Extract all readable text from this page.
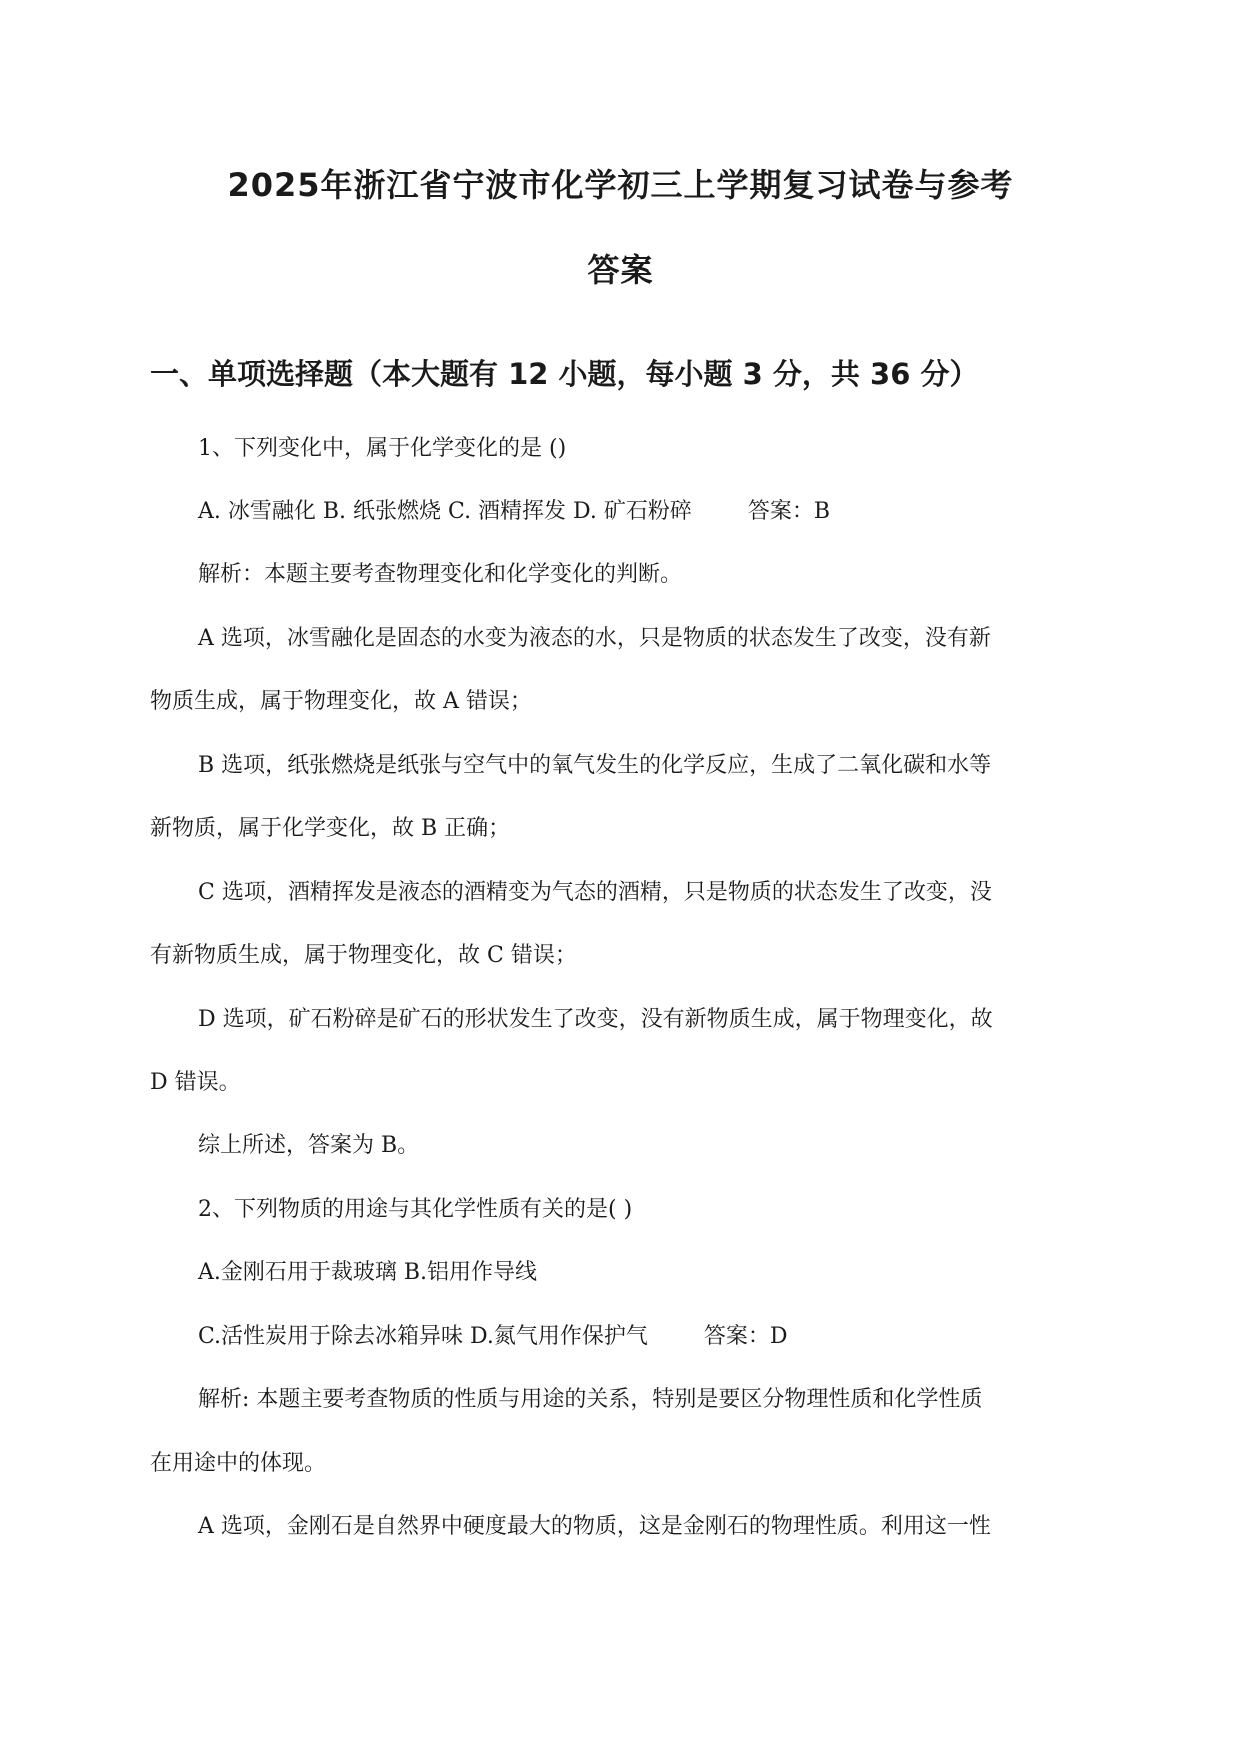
2025年浙江省宁波市化学初三上学期复习试卷与参考
答案
一、单项选择题（本大题有 12 小题，每小题 3 分，共 36 分）
1、下列变化中，属于化学变化的是 ()
A. 冰雪融化 B. 纸张燃烧 C. 酒精挥发 D. 矿石粉碎	答案：B
解析：本题主要考查物理变化和化学变化的判断。
A 选项，冰雪融化是固态的水变为液态的水，只是物质的状态发生了改变，没有新
物质生成，属于物理变化，故 A 错误；
B 选项，纸张燃烧是纸张与空气中的氧气发生的化学反应，生成了二氧化碳和水等
新物质，属于化学变化，故 B 正确；
C 选项，酒精挥发是液态的酒精变为气态的酒精，只是物质的状态发生了改变，没
有新物质生成，属于物理变化，故 C 错误；
D 选项，矿石粉碎是矿石的形状发生了改变，没有新物质生成，属于物理变化，故
D 错误。
综上所述，答案为 B。
2、下列物质的用途与其化学性质有关的是( )
A.金刚石用于裁玻璃 B.铝用作导线
C.活性炭用于除去冰箱异味 D.氮气用作保护气	答案：D
解析: 本题主要考查物质的性质与用途的关系，特别是要区分物理性质和化学性质
在用途中的体现。
A 选项，金刚石是自然界中硬度最大的物质，这是金刚石的物理性质。利用这一性
